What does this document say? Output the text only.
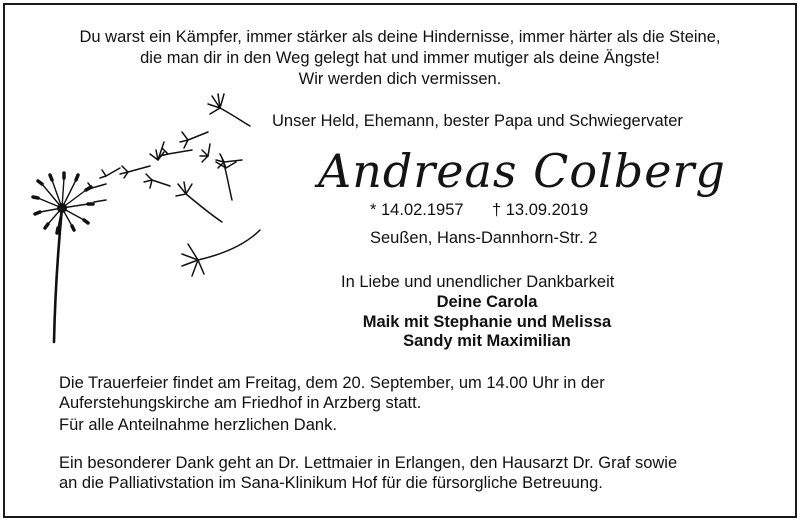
Du warst ein Kämpfer, immer stärker als deine Hindernisse, immer härter als die Steine,
die man dir in den Weg gelegt hat und immer mutiger als deine Ängste!
Wir werden dich vermissen.
Unser Held, Ehemann, bester Papa und Schwiegervater
Andreas Colberg
* 14.02.1957 † 13.09.2019
Seußen, Hans-Dannhorn-Str. 2
In Liebe und unendlicher Dankbarkeit
Deine Carola
Maik mit Stephanie und Melissa
Sandy mit Maximilian
Die Trauerfeier findet am Freitag, dem 20. September, um 14.00 Uhr in der
Auferstehungskirche am Friedhof in Arzberg statt.
Für alle Anteilnahme herzlichen Dank.
Ein besonderer Dank geht an Dr. Lettmaier in Erlangen, den Hausarzt Dr. Graf sowie
an die Palliativstation im Sana-Klinikum Hof für die fürsorgliche Betreuung.
